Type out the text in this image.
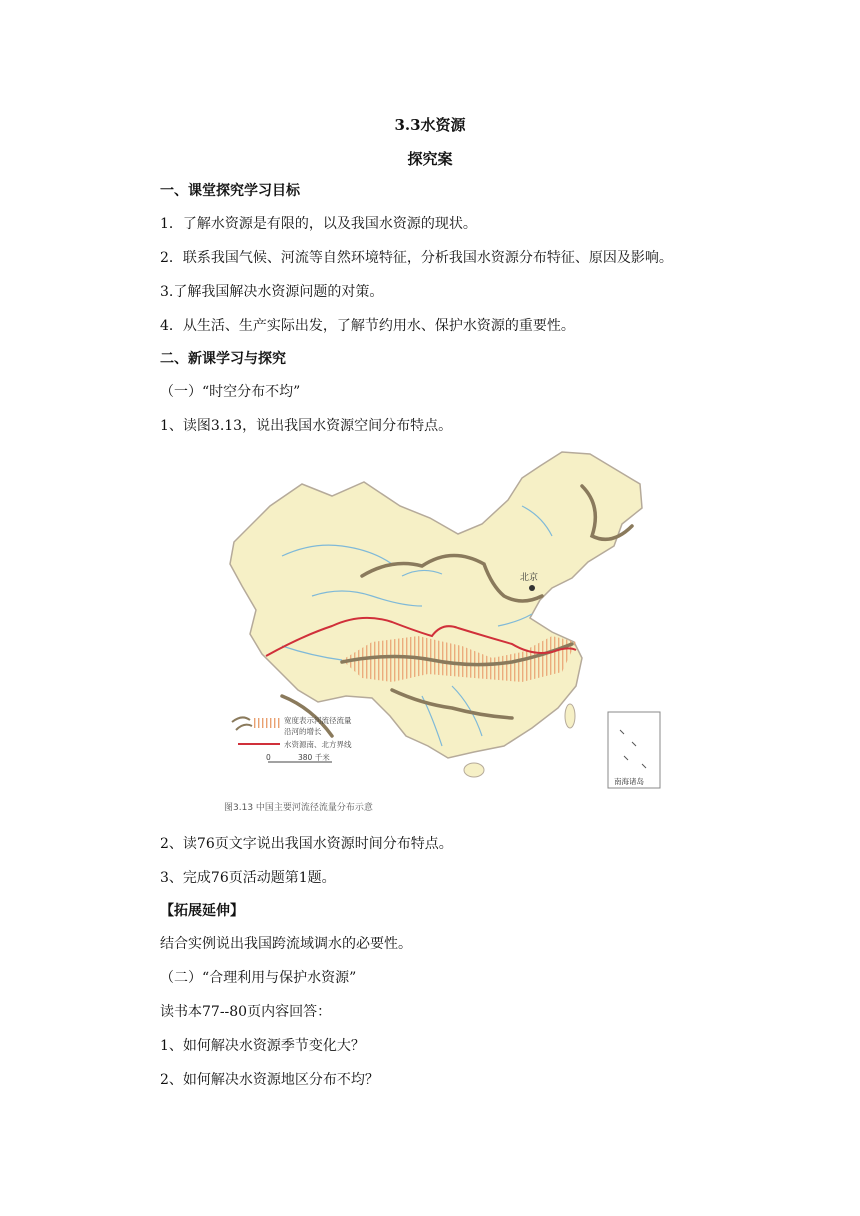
3.3水资源
探究案
一、课堂探究学习目标
1．了解水资源是有限的，以及我国水资源的现状。
2．联系我国气候、河流等自然环境特征，分析我国水资源分布特征、原因及影响。
3.了解我国解决水资源问题的对策。
4．从生活、生产实际出发，了解节约用水、保护水资源的重要性。
二、新课学习与探究
（一）“时空分布不均”
1、读图3.13，说出我国水资源空间分布特点。
北京
宽度表示河流径流量
沿河的增长
水资源南、北方界线
0	380 千米
南海诸岛
图3.13 中国主要河流径流量分布示意
2、读76页文字说出我国水资源时间分布特点。
3、完成76页活动题第1题。
【拓展延伸】
结合实例说出我国跨流域调水的必要性。
（二）“合理利用与保护水资源”
读书本77--80页内容回答：
1、如何解决水资源季节变化大？
2、如何解决水资源地区分布不均？
